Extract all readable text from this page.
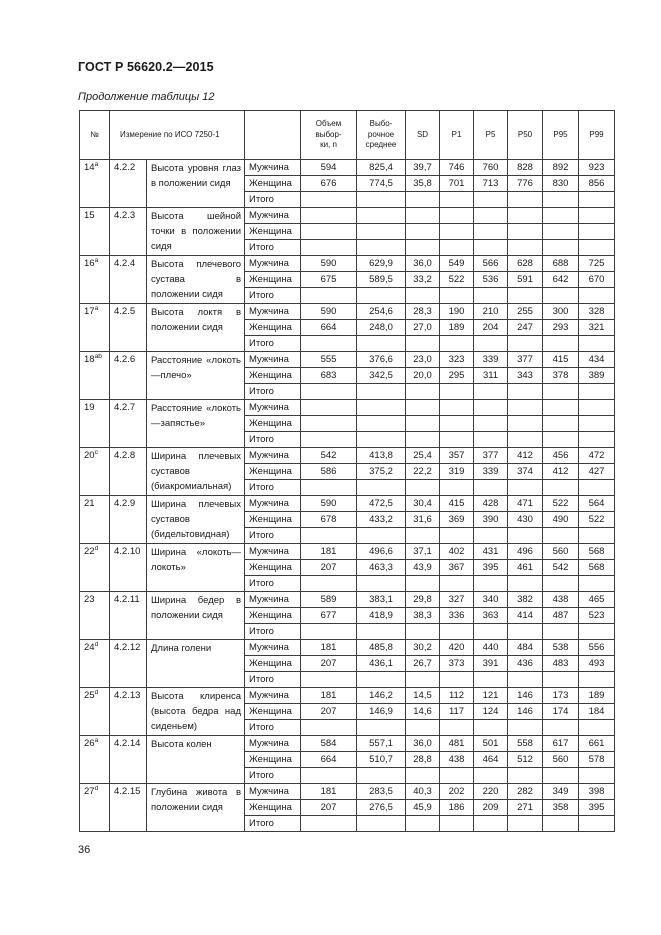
ГОСТ Р 56620.2—2015
Продолжение таблицы 12
№	Измерение по ИСО 7250-1			Объем
выбор-
ки, n	Выбо-
рочное
среднее	SD	P1	P5	P50	P95	P99
14$^a$	4.2.2	Высота уровня глаз в положении сидя	Мужчина	594	825,4	39,7	746	760	828	892	923
			Женщина	676	774,5	35,8	701	713	776	830	856
			Итого								
15	4.2.3	Высота шейной точки в положении сидя	Мужчина								
			Женщина								
			Итого								
16$^a$	4.2.4	Высота плечевого сустава в положении сидя	Мужчина	590	629,9	36,0	549	566	628	688	725
			Женщина	675	589,5	33,2	522	536	591	642	670
			Итого								
17$^a$	4.2.5	Высота локтя в положении сидя	Мужчина	590	254,6	28,3	190	210	255	300	328
			Женщина	664	248,0	27,0	189	204	247	293	321
			Итого								
$18^{ab}$	4.2.6	Расстояние «локоть—плечо»	Мужчина	555	376,6	23,0	323	339	377	415	434
			Женщина	683	342,5	20,0	295	311	343	378	389
			Итого								
19	4.2.7	Расстояние «локоть—запястье»	Мужчина								
			Женщина								
			Итого								
20$^c$	4.2.8	Ширина плечевых суставов (биакромиальная)	Мужчина	542	413,8	25,4	357	377	412	456	472
			Женщина	586	375,2	22,2	319	339	374	412	427
			Итого								
21	4.2.9	Ширина плечевых суставов (бидельтовидная)	Мужчина	590	472,5	30,4	415	428	471	522	564
			Женщина	678	433,2	31,6	369	390	430	490	522
			Итого								
22$^d$	4.2.10	Ширина «локоть—локоть»	Мужчина	181	496,6	37,1	402	431	496	560	568
			Женщина	207	463,3	43,9	367	395	461	542	568
			Итого								
23	4.2.11	Ширина бедер в положении сидя	Мужчина	589	383,1	29,8	327	340	382	438	465
			Женщина	677	418,9	38,3	336	363	414	487	523
			Итого								
24$^d$	4.2.12	Длина голени	Мужчина	181	485,8	30,2	420	440	484	538	556
			Женщина	207	436,1	26,7	373	391	436	483	493
			Итого								
25$^d$	4.2.13	Высота клиренса (высота бедра над сиденьем)	Мужчина	181	146,2	14,5	112	121	146	173	189
			Женщина	207	146,9	14,6	117	124	146	174	184
			Итого								
26$^a$	4.2.14	Высота колен	Мужчина	584	557,1	36,0	481	501	558	617	661
			Женщина	664	510,7	28,8	438	464	512	560	578
			Итого								
27$^d$	4.2.15	Глубина живота в положении сидя	Мужчина	181	283,5	40,3	202	220	282	349	398
			Женщина	207	276,5	45,9	186	209	271	358	395
			Итого								
36
